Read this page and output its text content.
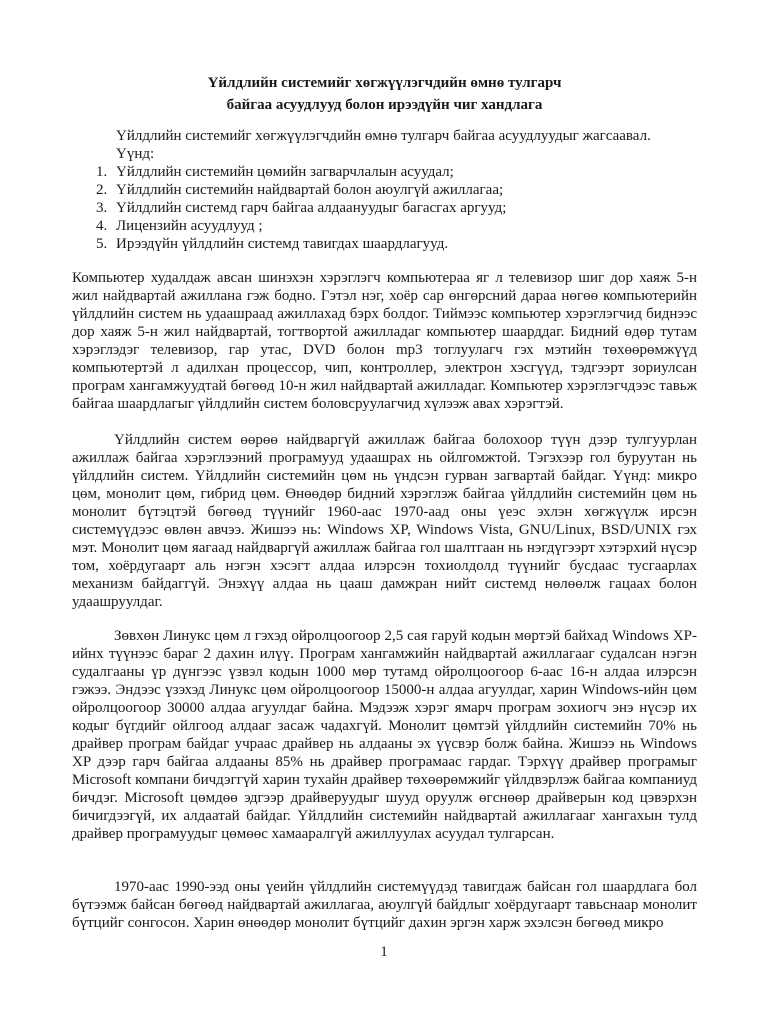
Үйлдлийн системийг хөгжүүлэгчдийн өмнө тулгарч
байгаа асуудлууд болон ирээдүйн чиг хандлага
Үйлдлийн системийг хөгжүүлэгчдийн өмнө тулгарч байгаа асуудлуудыг жагсаавал.
Үүнд:
1. Үйлдлийн системийн цөмийн загварчлалын асуудал;
2. Үйлдлийн системийн найдвартай болон аюулгүй ажиллагаа;
3. Үйлдлийн системд гарч байгаа алдаануудыг багасгах аргууд;
4. Лицензийн асуудлууд ;
5. Ирээдүйн үйлдлийн системд тавигдах шаардлагууд.

Компьютер худалдаж авсан шинэхэн хэрэглэгч компьютераа яг л телевизор шиг дор хаяж 5-н жил найдвартай ажиллана гэж бодно. Гэтэл нэг, хоёр сар өнгөрсний дараа нөгөө компьютерийн үйлдлийн систем нь удаашраад ажиллахад бэрх болдог. Тиймээс компьютер хэрэглэгчид биднээс дор хаяж 5-н жил найдвартай, тогтвортой ажилладаг компьютер шаарддаг. Бидний өдөр тутам хэрэглэдэг телевизор, гар утас, DVD болон mp3 тоглуулагч гэх мэтийн төхөөрөмжүүд компьютертэй л адилхан процессор, чип, контроллер, электрон хэсгүүд, тэдгээрт зориулсан програм хангамжуудтай бөгөөд 10-н жил найдвартай ажилладаг. Компьютер хэрэглэгчдээс тавьж байгаа шаардлагыг үйлдлийн систем боловсруулагчид хүлээж авах хэрэгтэй.

Үйлдлийн систем өөрөө найдваргүй ажиллаж байгаа болохоор түүн дээр тулгуурлан ажиллаж байгаа хэрэглээний програмууд удаашрах нь ойлгомжтой. Тэгэхээр гол буруутан нь үйлдлийн систем. Үйлдлийн системийн цөм нь үндсэн гурван загвартай байдаг. Үүнд: микро цөм, монолит цөм, гибрид цөм. Өнөөдөр бидний хэрэглэж байгаа үйлдлийн системийн цөм нь монолит бүтэцтэй бөгөөд түүнийг 1960-аас 1970-аад оны үеэс эхлэн хөгжүүлж ирсэн системүүдээс өвлөн авчээ. Жишээ нь: Windows XP, Windows Vista, GNU/Linux, BSD/UNIX гэх мэт. Монолит цөм яагаад найдваргүй ажиллаж байгаа гол шалтгаан нь нэгдүгээрт хэтэрхий нүсэр том, хоёрдугаарт аль нэгэн хэсэгт алдаа илэрсэн тохиолдолд түүнийг бусдаас тусгаарлах механизм байдаггүй. Энэхүү алдаа нь цааш дамжран нийт системд нөлөөлж гацаах болон удаашруулдаг.

Зөвхөн Линукс цөм л гэхэд ойролцоогоор 2,5 сая гаруй кодын мөртэй байхад Windows XP-ийнх түүнээс бараг 2 дахин илүү. Програм хангамжийн найдвартай ажиллагааг судалсан нэгэн судалгааны үр дүнгээс үзвэл кодын 1000 мөр тутамд ойролцоогоор 6-аас 16-н алдаа илэрсэн гэжээ. Эндээс үзэхэд Линукс цөм ойролцоогоор 15000-н алдаа агуулдаг, харин Windows-ийн цөм ойролцоогоор 30000 алдаа агуулдаг байна. Мэдээж хэрэг ямарч програм зохиогч энэ нүсэр их кодыг бүгдийг ойлгоод алдааг засаж чадахгүй. Монолит цөмтэй үйлдлийн системийн 70% нь драйвер програм байдаг учраас драйвер нь алдааны эх үүсвэр болж байна. Жишээ нь Windows XP дээр гарч байгаа алдааны 85% нь драйвер програмаас гардаг. Тэрхүү драйвер програмыг Microsoft компани бичдэггүй харин тухайн драйвер төхөөрөмжийг үйлдвэрлэж байгаа компаниуд бичдэг. Microsoft цөмдөө эдгээр драйверуудыг шууд оруулж өгснөөр драйверын код цэвэрхэн бичигдээгүй, их алдаатай байдаг. Үйлдлийн системийн найдвартай ажиллагааг хангахын тулд драйвер програмуудыг цөмөөс хамааралгүй ажиллуулах асуудал тулгарсан.

1970-аас 1990-ээд оны үеийн үйлдлийн системүүдэд тавигдаж байсан гол шаардлага бол бүтээмж байсан бөгөөд найдвартай ажиллагаа, аюулгүй байдлыг хоёрдугаарт тавьснаар монолит бүтцийг сонгосон. Харин өнөөдөр монолит бүтцийг дахин эргэн харж эхэлсэн бөгөөд микро

1
